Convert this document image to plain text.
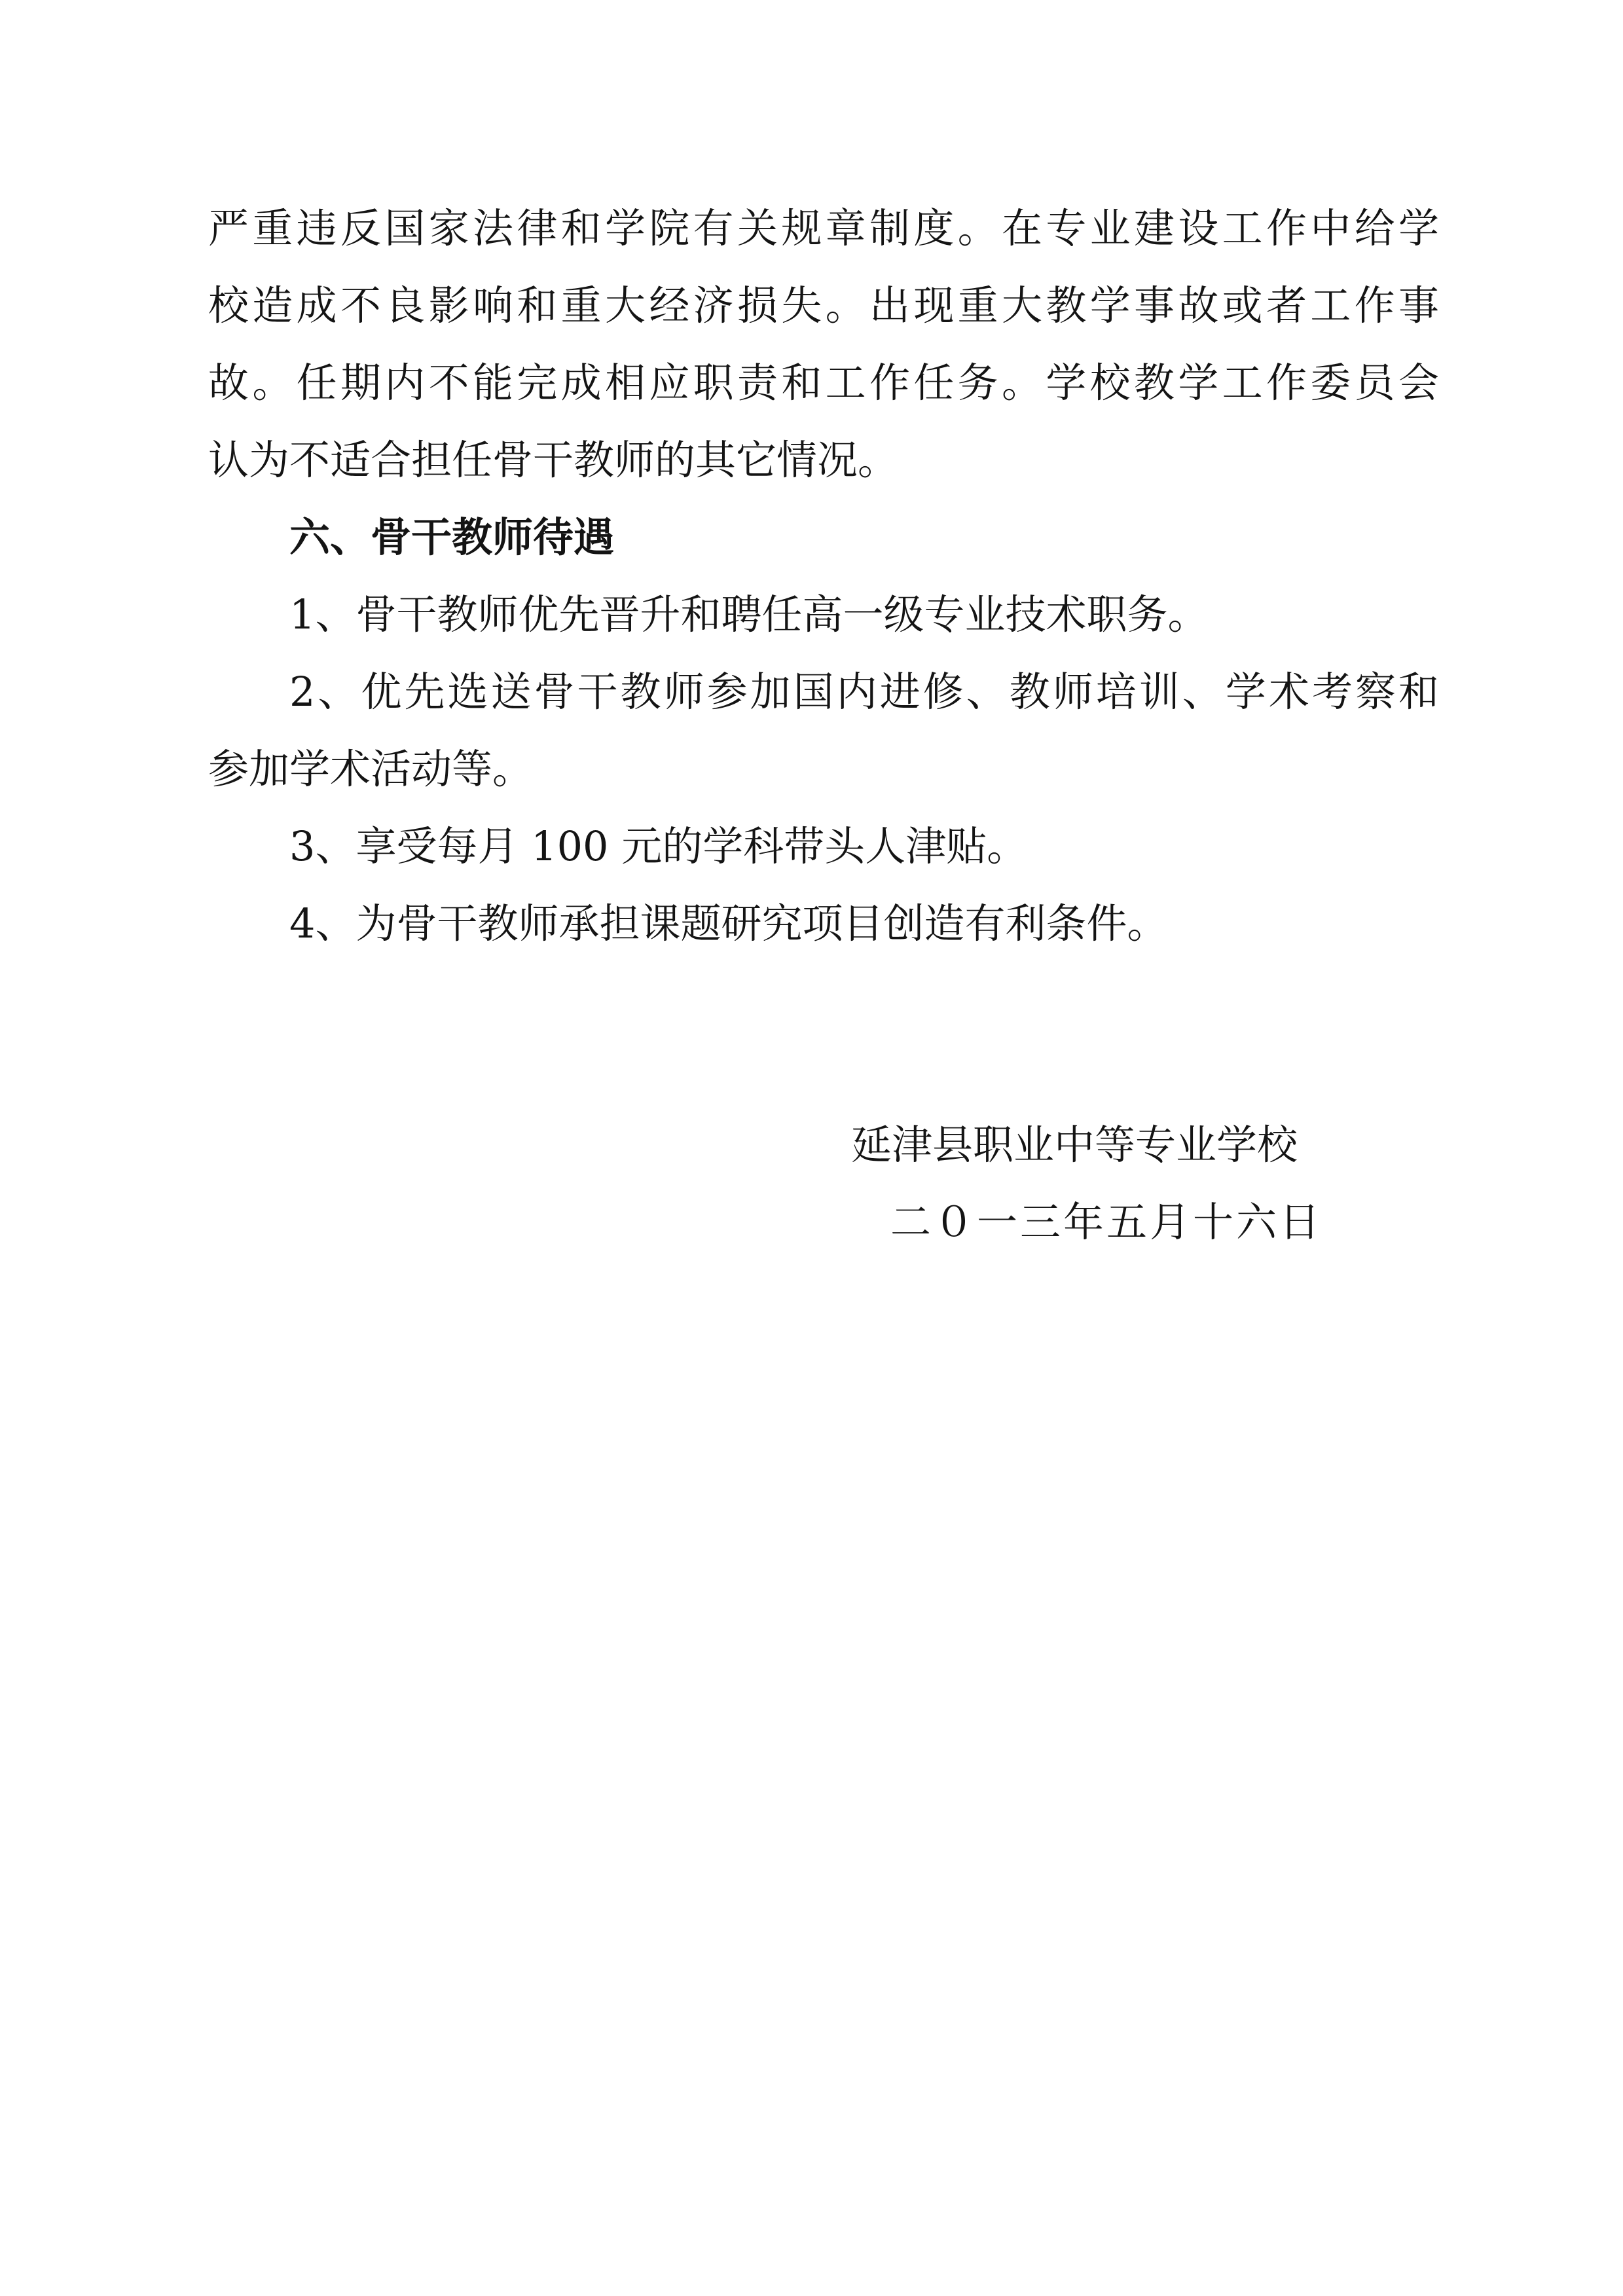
严重违反国家法律和学院有关规章制度。在专业建设工作中给学
校造成不良影响和重大经济损失。出现重大教学事故或者工作事
故。任期内不能完成相应职责和工作任务。学校教学工作委员会
认为不适合担任骨干教师的其它情况。
六、骨干教师待遇
1、骨干教师优先晋升和聘任高一级专业技术职务。
2、优先选送骨干教师参加国内进修、教师培训、学术考察和
参加学术活动等。
3、享受每月 100 元的学科带头人津贴。
4、为骨干教师承担课题研究项目创造有利条件。
延津县职业中等专业学校
二０一三年五月十六日
